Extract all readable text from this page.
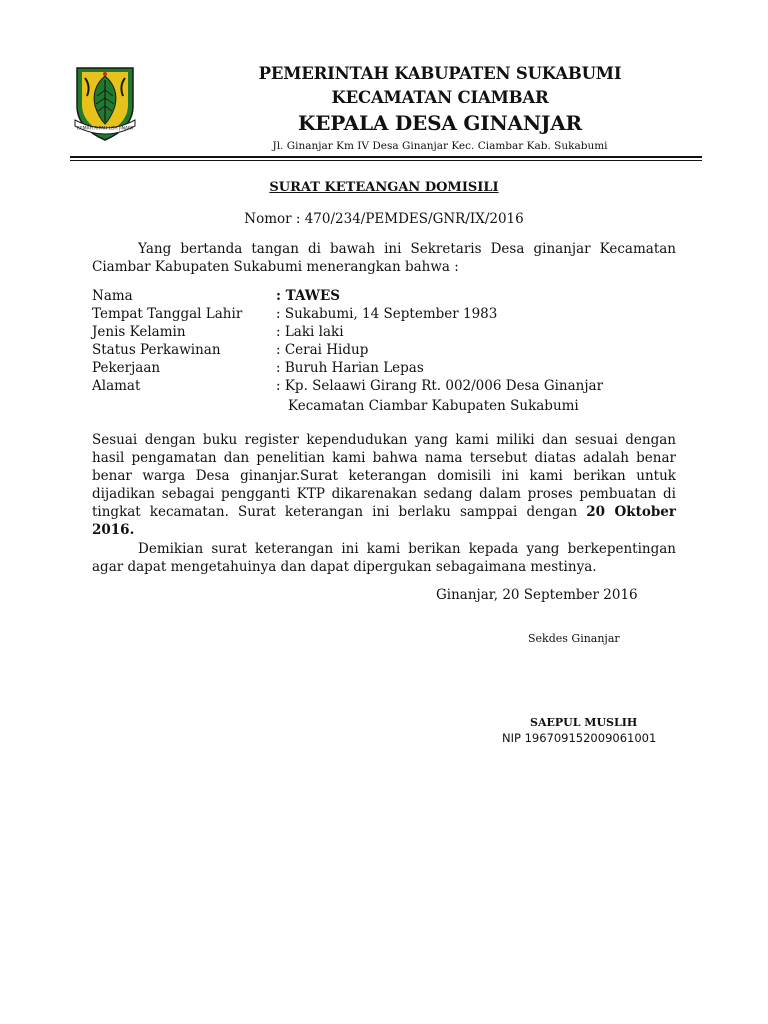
GEMAH RIPAH LOH JINAWI
PEMERINTAH KABUPATEN SUKABUMI
KECAMATAN CIAMBAR
KEPALA DESA GINANJAR
Jl. Ginanjar Km IV Desa Ginanjar Kec. Ciambar Kab. Sukabumi
SURAT KETEANGAN DOMISILI
Nomor : 470/234/PEMDES/GNR/IX/2016
Yang bertanda tangan di bawah ini Sekretaris Desa ginanjar Kecamatan Ciambar Kabupaten Sukabumi menerangkan bahwa :
Nama	: TAWES
Tempat Tanggal Lahir	: Sukabumi, 14 September 1983
Jenis Kelamin	: Laki laki
Status Perkawinan	: Cerai Hidup
Pekerjaan	: Buruh Harian Lepas
Alamat	: Kp. Selaawi Girang Rt. 002/006 Desa Ginanjar
Kecamatan Ciambar Kabupaten Sukabumi
Sesuai dengan buku register kependudukan yang kami miliki dan sesuai dengan hasil pengamatan dan penelitian kami bahwa nama tersebut diatas adalah benar benar warga Desa ginanjar.Surat keterangan domisili ini kami berikan untuk dijadikan sebagai pengganti KTP dikarenakan sedang dalam proses pembuatan di tingkat kecamatan. Surat keterangan ini berlaku samppai dengan 20 Oktober 2016.
Demikian surat keterangan ini kami berikan kepada yang berkepentingan agar dapat mengetahuinya dan dapat dipergukan sebagaimana mestinya.
Ginanjar, 20 September 2016
Sekdes Ginanjar
SAEPUL MUSLIH
NIP 196709152009061001
